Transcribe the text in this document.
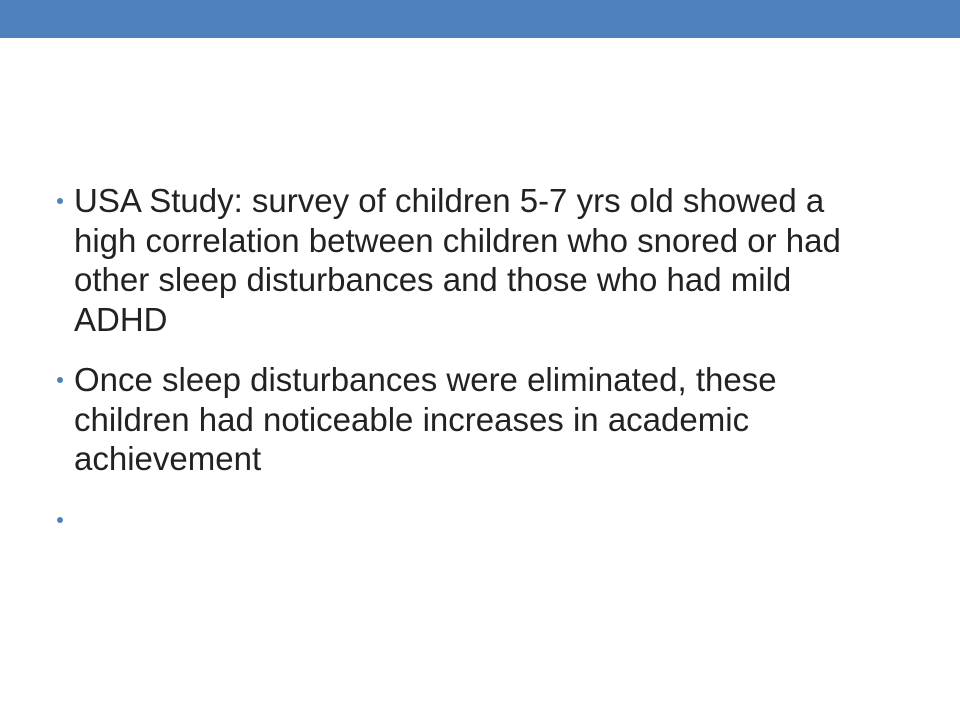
USA Study: survey of children 5-7 yrs old showed a high correlation between children who snored or had other sleep disturbances and those who had mild ADHD
Once sleep disturbances were eliminated, these children had noticeable increases in academic achievement
